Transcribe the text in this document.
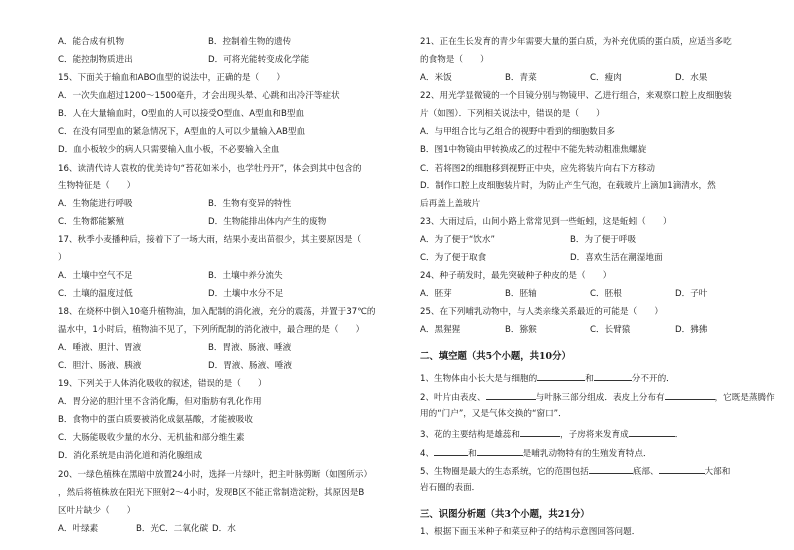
A．能合成有机物	B．控制着生物的遗传
C．能控制物质进出	D．可将光能转变成化学能
15、下面关于输血和ABO血型的说法中，正确的是（　　）
A．一次失血超过1200～1500毫升，才会出现头晕、心跳和出冷汗等症状
B．人在大量输血时，O型血的人可以接受O型血、A型血和B型血
C．在没有同型血的紧急情况下，A型血的人可以少量输入AB型血
D．血小板较少的病人只需要输入血小板，不必要输入全血
16、读清代诗人袁枚的优美诗句“苔花如米小，也学牡丹开”，体会到其中包含的
生物特征是（　　）
A．生物能进行呼吸	B．生物有变异的特性
C．生物都能繁殖	D．生物能排出体内产生的废物
17、秋季小麦播种后，接着下了一场大雨，结果小麦出苗很少，其主要原因是（
）
A．土壤中空气不足	B．土壤中养分流失
C．土壤的温度过低	D．土壤中水分不足
18、在烧杯中倒入10毫升植物油，加入配制的消化液，充分的震荡，并置于37℃的
温水中，1小时后，植物油不见了，下列所配制的消化液中，最合理的是（　　）
A．唾液、胆汁、胃液	B．胃液、肠液、唾液
C．胆汁、肠液、胰液	D．胃液、肠液、唾液
19、下列关于人体消化吸收的叙述，错误的是（　　）
A．胃分泌的胆汁里不含消化酶，但对脂肪有乳化作用
B．食物中的蛋白质要被消化成氨基酸，才能被吸收
C．大肠能吸收少量的水分、无机盐和部分维生素
D．消化系统是由消化道和消化腺组成
20、一绿色植株在黑暗中放置24小时，选择一片绿叶，把主叶脉剪断（如图所示）
，然后将植株放在阳光下照射2～4小时，发现B区不能正常制造淀粉，其原因是B
区叶片缺少（　　）
A．叶绿素	B．光C．二氧化碳 D．水
21、正在生长发育的青少年需要大量的蛋白质，为补充优质的蛋白质，应适当多吃
的食物是（　　）
A．米饭	B．青菜	C．瘦肉	D．水果
22、用光学显微镜的一个目镜分别与物镜甲、乙进行组合，来观察口腔上皮细胞装
片（如图）．下列相关说法中，错误的是（　　）
A．与甲组合比与乙组合的视野中看到的细胞数目多
B．图1中物镜由甲转换成乙的过程中不能先转动粗准焦螺旋
C．若将图2的细胞移到视野正中央，应先将装片向右下方移动
D．制作口腔上皮细胞装片时，为防止产生气泡，在载玻片上滴加1滴清水，然
后再盖上盖玻片
23、大雨过后，山间小路上常常见到一些蚯蚓，这是蚯蚓（　　）
A．为了便于“饮水”	B．为了便于呼吸
C．为了便于取食	D．喜欢生活在潮湿地面
24、种子萌发时，最先突破种子种皮的是（　　）
A．胚芽	B．胚轴	C．胚根	D．子叶
25、在下列哺乳动物中，与人类亲缘关系最近的可能是（　　）
A．黑猩猩	B．猕猴	C．长臂猿	D．狒狒
二、填空题（共5个小题，共10分）
1、生物体由小长大是与细胞的	和	分不开的．
2、叶片由表皮、	与叶脉三部分组成．表皮上分布有	，它既是蒸腾作
用的“门户”，又是气体交换的“窗口”．
3、花的主要结构是雄蕊和	，子房将来发育成	．
4、	和	是哺乳动物特有的生殖发育特点．
5、生物圈是最大的生态系统，它的范围包括	底部、	大部和
岩石圈的表面．
三、识图分析题（共3个小题，共21分）
1、根据下面玉米种子和菜豆种子的结构示意图回答问题．
